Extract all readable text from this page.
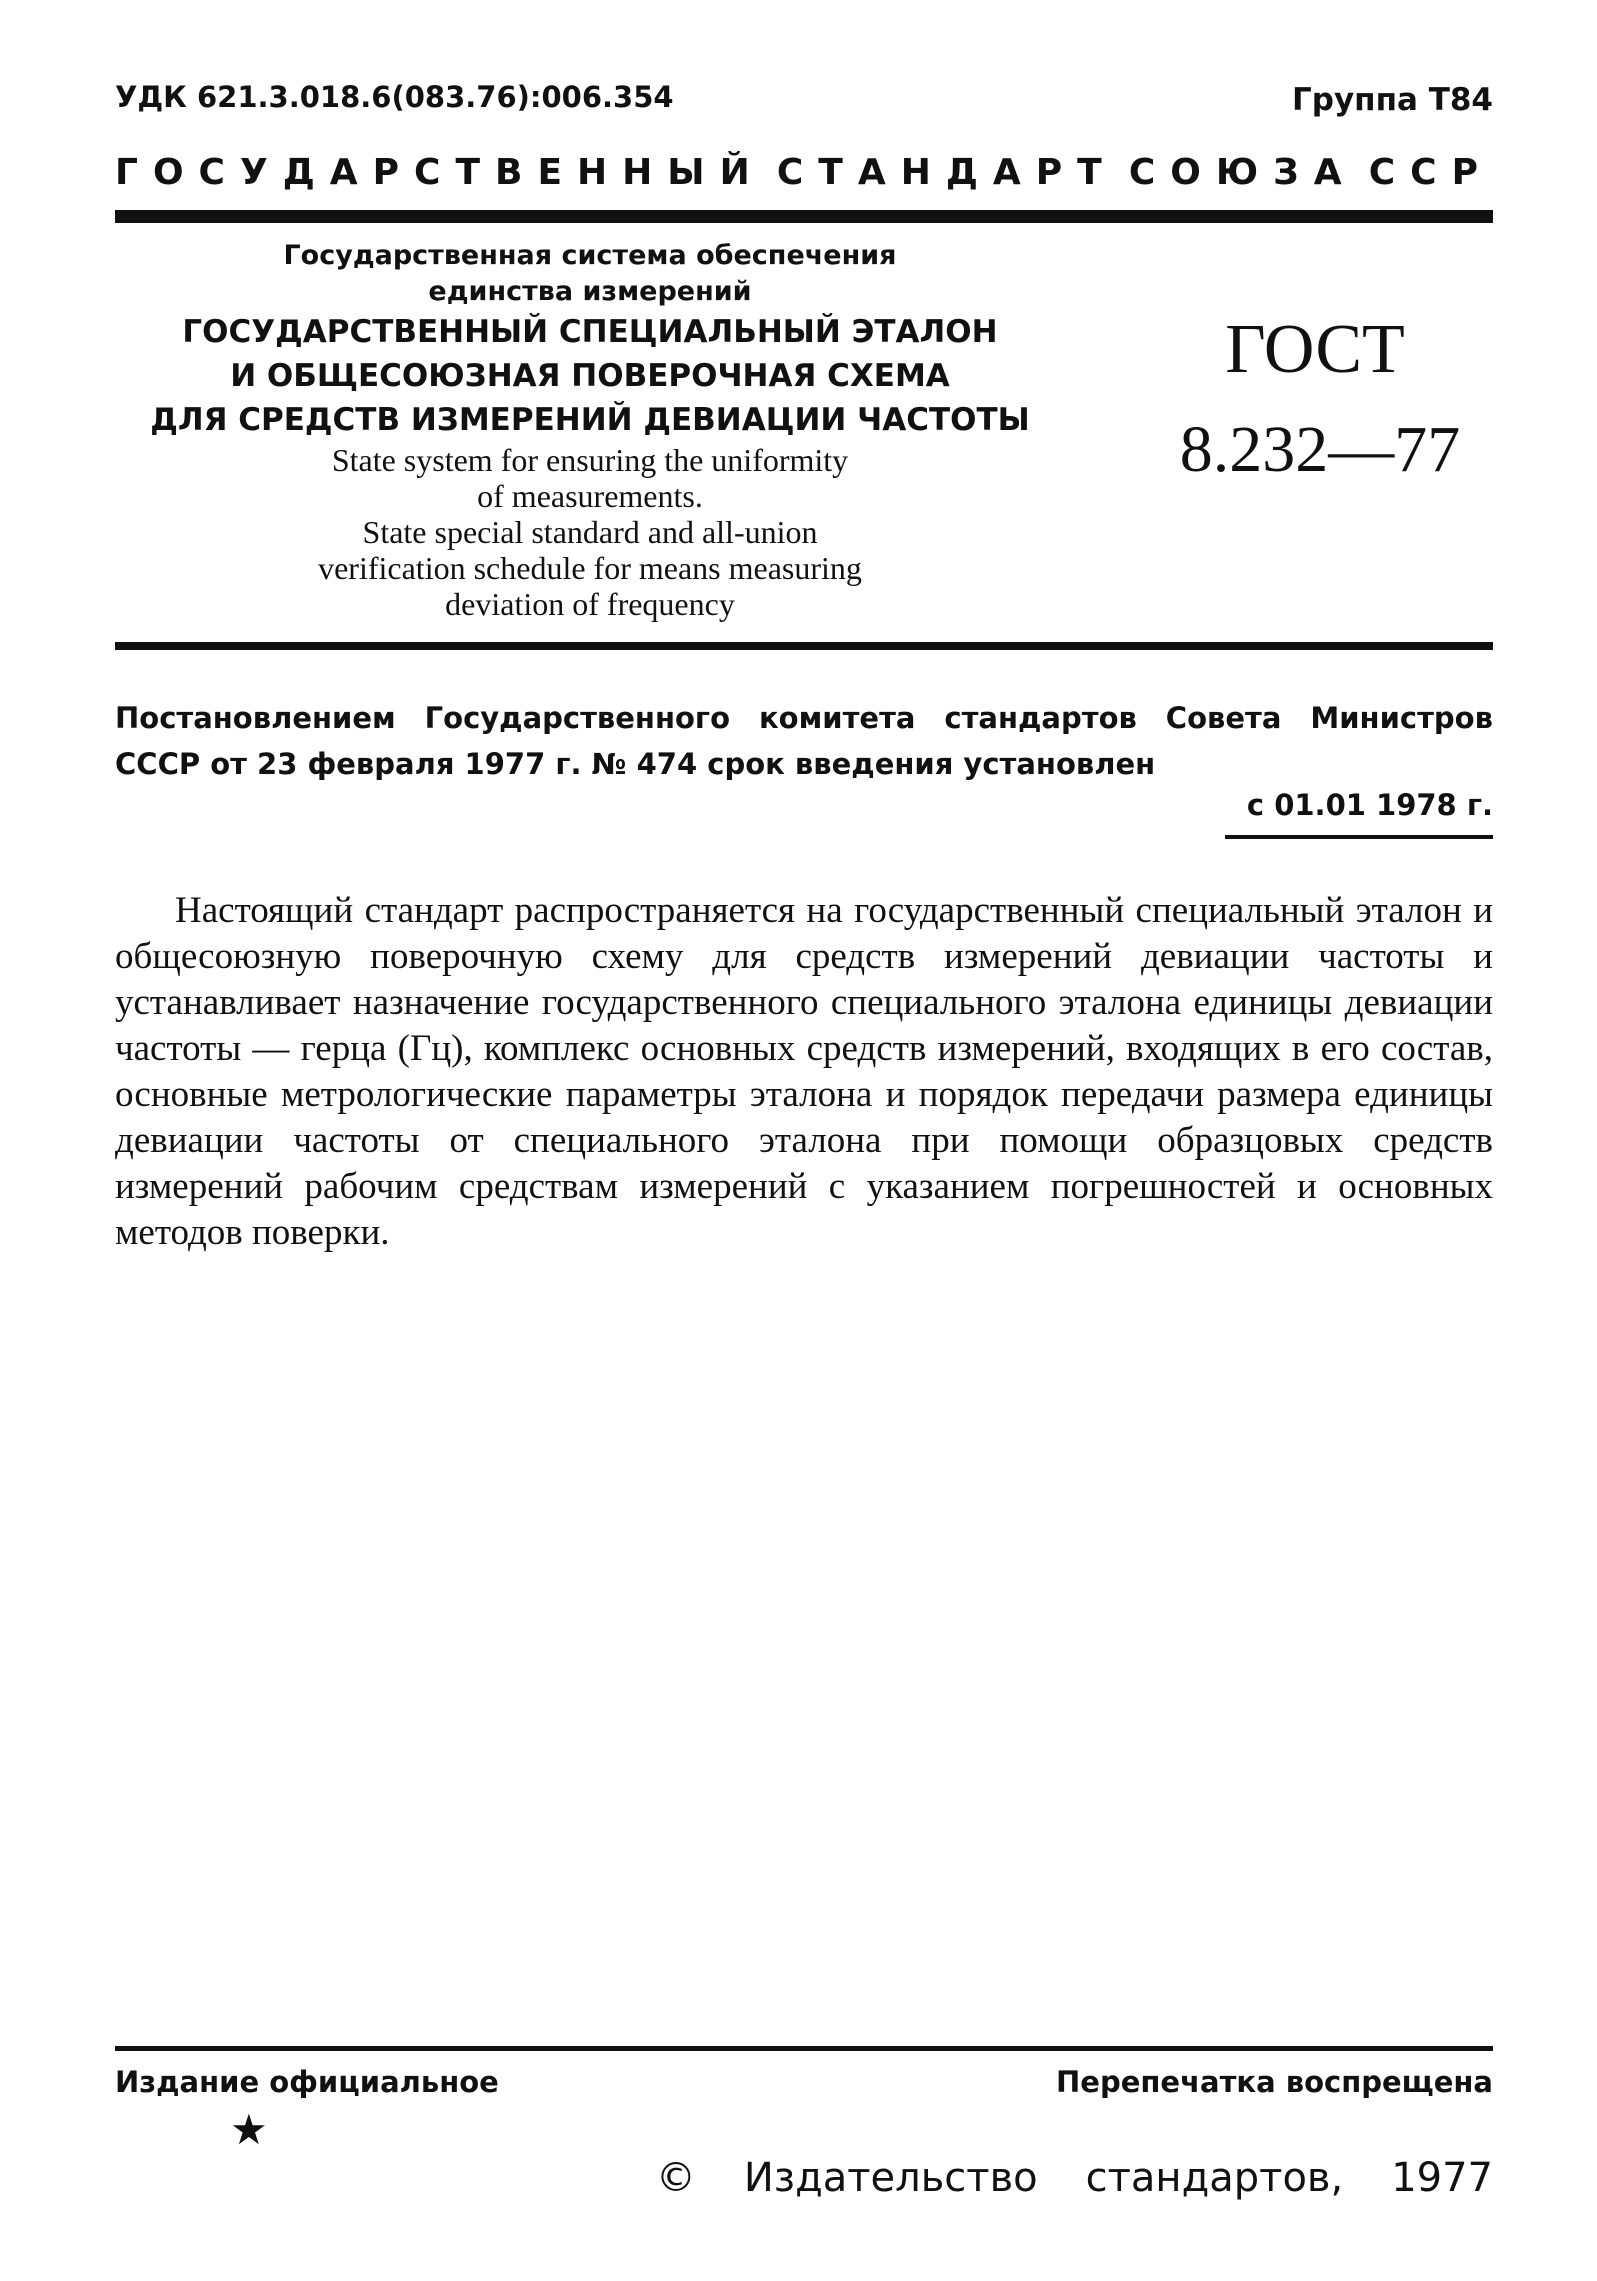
УДК 621.3.018.6(083.76):006.354	Группа Т84
ГОСУДАРСТВЕННЫЙ СТАНДАРТ СОЮЗА ССР
Государственная система обеспечения
единства измерений
ГОСУДАРСТВЕННЫЙ СПЕЦИАЛЬНЫЙ ЭТАЛОН
И ОБЩЕСОЮЗНАЯ ПОВЕРОЧНАЯ СХЕМА
ДЛЯ СРЕДСТВ ИЗМЕРЕНИЙ ДЕВИАЦИИ ЧАСТОТЫ
State system for ensuring the uniformity
of measurements.
State special standard and all-union
verification schedule for means measuring
deviation of frequency
ГОСТ
8.232—77
Постановлением Государственного комитета стандартов Совета Министров
СССР от 23 февраля 1977 г. № 474 срок введения установлен
с 01.01 1978 г.
Настоящий стандарт распространяется на государственный специальный эталон и общесоюзную поверочную схему для средств измерений девиации частоты и устанавливает назначение государственного специального эталона единицы девиации частоты — герца (Гц), комплекс основных средств измерений, входящих в его состав, основные метрологические параметры эталона и порядок передачи размера единицы девиации частоты от специального эталона при помощи образцовых средств измерений рабочим средствам измерений с указанием погрешностей и основных методов поверки.
Издание официальное	Перепечатка воспрещена
★
© Издательство стандартов, 1977
